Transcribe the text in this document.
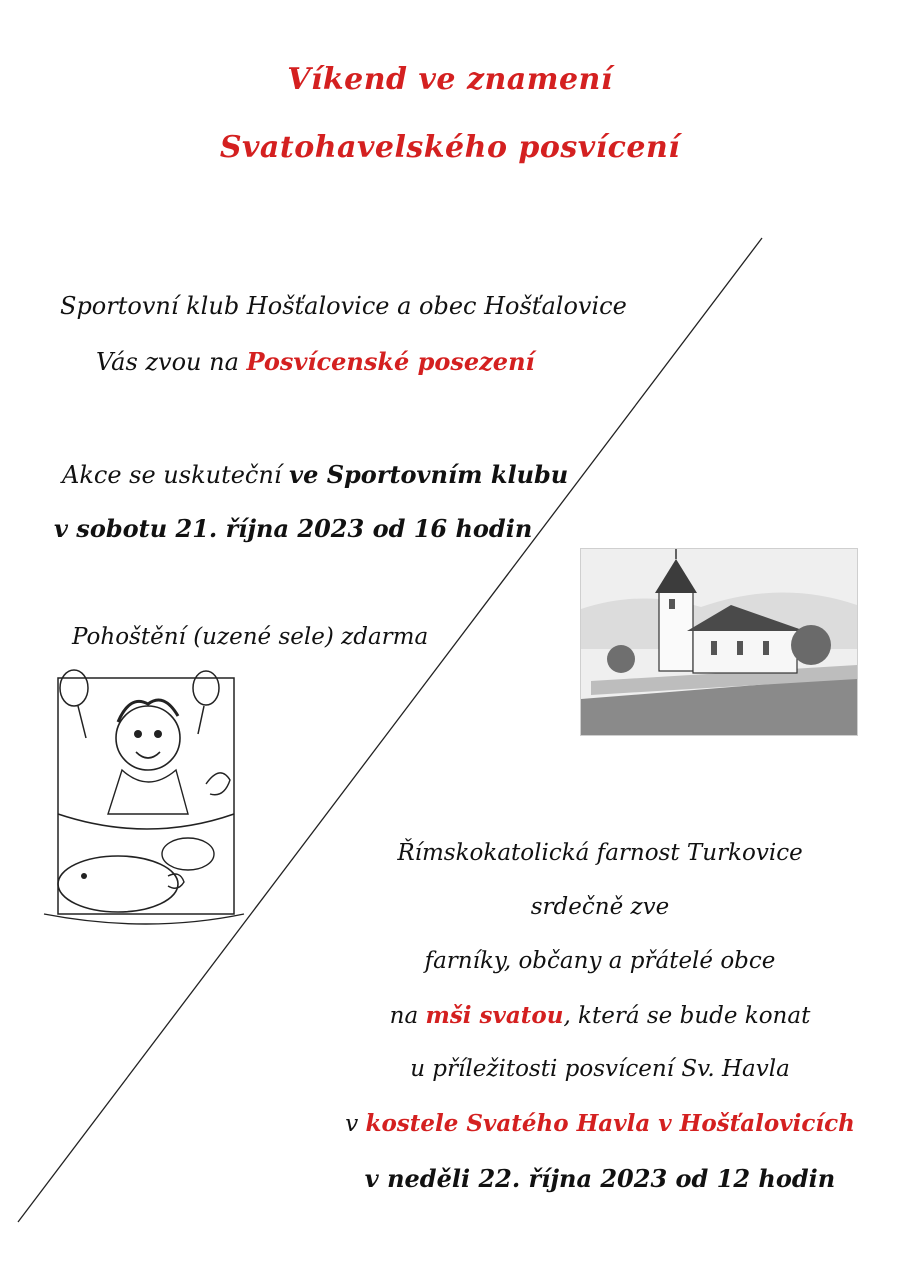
Víkend ve znamení
Svatohavelského posvícení
Sportovní klub Hošťalovice a obec Hošťalovice
Vás zvou na Posvícenské posezení
Akce se uskuteční ve Sportovním klubu
v sobotu 21. října 2023 od 16 hodin
Pohoštění (uzené sele) zdarma
Římskokatolická farnost Turkovice
srdečně zve
farníky, občany a přátelé obce
na mši svatou, která se bude konat
u příležitosti posvícení Sv. Havla
v kostele Svatého Havla v Hošťalovicích
v neděli 22. října 2023 od 12 hodin
